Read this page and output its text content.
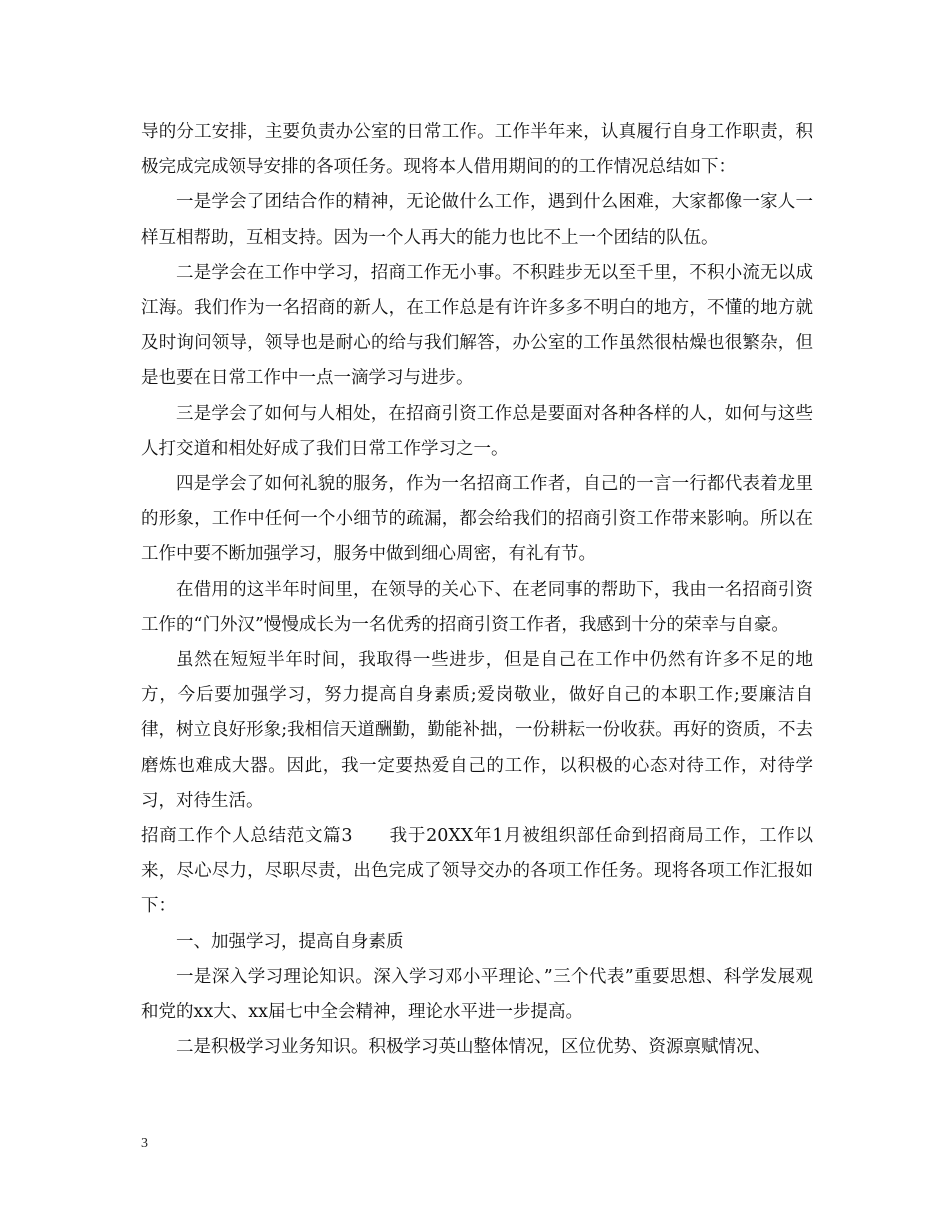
导的分工安排，主要负责办公室的日常工作。工作半年来，认真履行自身工作职责，积极完成完成领导安排的各项任务。现将本人借用期间的的工作情况总结如下：

一是学会了团结合作的精神，无论做什么工作，遇到什么困难，大家都像一家人一样互相帮助，互相支持。因为一个人再大的能力也比不上一个团结的队伍。

二是学会在工作中学习，招商工作无小事。不积跬步无以至千里，不积小流无以成江海。我们作为一名招商的新人，在工作总是有许许多多不明白的地方，不懂的地方就及时询问领导，领导也是耐心的给与我们解答，办公室的工作虽然很枯燥也很繁杂，但是也要在日常工作中一点一滴学习与进步。

三是学会了如何与人相处，在招商引资工作总是要面对各种各样的人，如何与这些人打交道和相处好成了我们日常工作学习之一。

四是学会了如何礼貌的服务，作为一名招商工作者，自己的一言一行都代表着龙里的形象，工作中任何一个小细节的疏漏，都会给我们的招商引资工作带来影响。所以在工作中要不断加强学习，服务中做到细心周密，有礼有节。

在借用的这半年时间里，在领导的关心下、在老同事的帮助下，我由一名招商引资工作的“门外汉”慢慢成长为一名优秀的招商引资工作者，我感到十分的荣幸与自豪。

虽然在短短半年时间，我取得一些进步，但是自己在工作中仍然有许多不足的地方，今后要加强学习，努力提高自身素质;爱岗敬业，做好自己的本职工作;要廉洁自律，树立良好形象;我相信天道酬勤，勤能补拙，一份耕耘一份收获。再好的资质，不去磨炼也难成大器。因此，我一定要热爱自己的工作，以积极的心态对待工作，对待学习，对待生活。

招商工作个人总结范文篇3　　我于20XX年1月被组织部任命到招商局工作，工作以来，尽心尽力，尽职尽责，出色完成了领导交办的各项工作任务。现将各项工作汇报如下：

一、加强学习，提高自身素质

一是深入学习理论知识。深入学习邓小平理论、”三个代表”重要思想、科学发展观和党的xx大、xx届七中全会精神，理论水平进一步提高。

二是积极学习业务知识。积极学习英山整体情况，区位优势、资源禀赋情况、

3
